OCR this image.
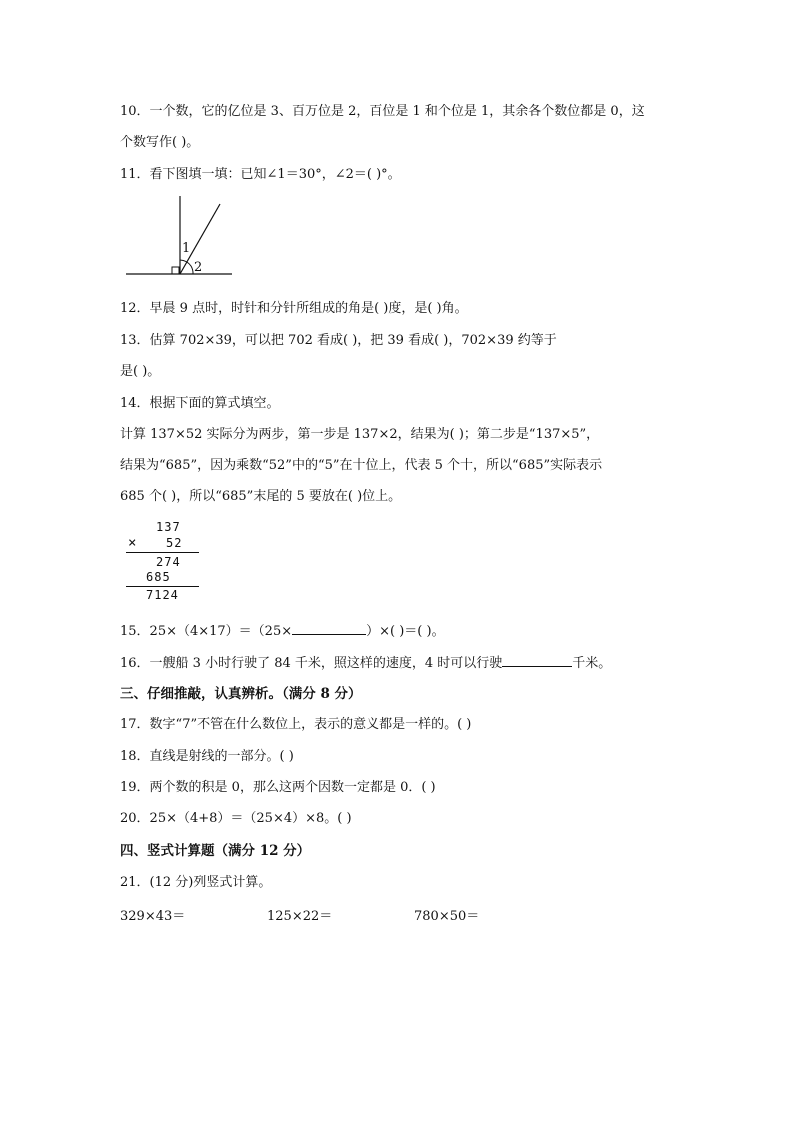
10．一个数，它的亿位是 3、百万位是 2，百位是 1 和个位是 1，其余各个数位都是 0，这
个数写作( )。
11．看下图填一填：已知∠1＝30°，∠2＝( )°。
1
2
12．早晨 9 点时，时针和分针所组成的角是( )度，是( )角。
13．估算 702×39，可以把 702 看成( )，把 39 看成( )，702×39 约等于
是( )。
14．根据下面的算式填空。
计算 137×52 实际分为两步，第一步是 137×2，结果为( )；第二步是“137×5”，
结果为“685”，因为乘数“52”中的“5”在十位上，代表 5 个十，所以“685”实际表示
685 个( )，所以“685”末尾的 5 要放在( )位上。
137
× 52
274
685
7124
15．25×（4×17）＝（25×	）×( )＝( )。
16．一艘船 3 小时行驶了 84 千米，照这样的速度，4 时可以行驶	千米。
三、仔细推敲，认真辨析。（满分 8 分）
17．数字“7”不管在什么数位上，表示的意义都是一样的。( )
18．直线是射线的一部分。( )
19．两个数的积是 0，那么这两个因数一定都是 0．( )
20．25×（4+8）＝（25×4）×8。( )
四、竖式计算题（满分 12 分）
21．(12 分)列竖式计算。
329×43＝	125×22＝	780×50＝
